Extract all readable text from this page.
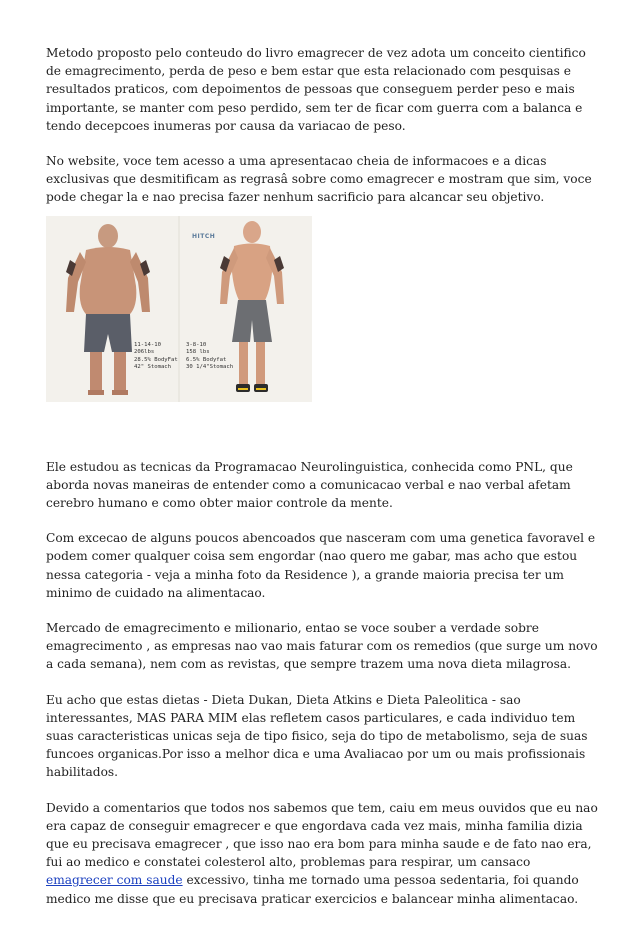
Metodo proposto pelo conteudo do livro emagrecer de vez adota um conceito cientifico de emagrecimento, perda de peso e bem estar que esta relacionado com pesquisas e resultados praticos, com depoimentos de pessoas que conseguem perder peso e mais importante, se manter com peso perdido, sem ter de ficar com guerra com a balanca e tendo decepcoes inumeras por causa da variacao de peso.

No website, voce tem acesso a uma apresentacao cheia de informacoes e a dicas exclusivas que desmitificam as regrasâ sobre como emagrecer e mostram que sim, voce pode chegar la e nao precisa fazer nenhum sacrificio para alcancar seu objetivo.

HITCH
11-14-10
206lbs
28.5% BodyFat
42" Stomach
3-8-10
158 lbs
6.5% Bodyfat
30 1/4"Stomach

Ele estudou as tecnicas da Programacao Neurolinguistica, conhecida como PNL, que aborda novas maneiras de entender como a comunicacao verbal e nao verbal afetam cerebro humano e como obter maior controle da mente.

Com excecao de alguns poucos abencoados que nasceram com uma genetica favoravel e podem comer qualquer coisa sem engordar (nao quero me gabar, mas acho que estou nessa categoria - veja a minha foto da Residence ), a grande maioria precisa ter um minimo de cuidado na alimentacao.

Mercado de emagrecimento e milionario, entao se voce souber a verdade sobre emagrecimento , as empresas nao vao mais faturar com os remedios (que surge um novo a cada semana), nem com as revistas, que sempre trazem uma nova dieta milagrosa.

Eu acho que estas dietas - Dieta Dukan, Dieta Atkins e Dieta Paleolitica - sao interessantes, MAS PARA MIM elas refletem casos particulares, e cada individuo tem suas caracteristicas unicas seja de tipo fisico, seja do tipo de metabolismo, seja de suas funcoes organicas.Por isso a melhor dica e uma Avaliacao por um ou mais profissionais habilitados.

Devido a comentarios que todos nos sabemos que tem, caiu em meus ouvidos que eu nao era capaz de conseguir emagrecer e que engordava cada vez mais, minha familia dizia que eu precisava emagrecer , que isso nao era bom para minha saude e de fato nao era, fui ao medico e constatei colesterol alto, problemas para respirar, um cansaco emagrecer com saude excessivo, tinha me tornado uma pessoa sedentaria, foi quando medico me disse que eu precisava praticar exercicios e balancear minha alimentacao.
